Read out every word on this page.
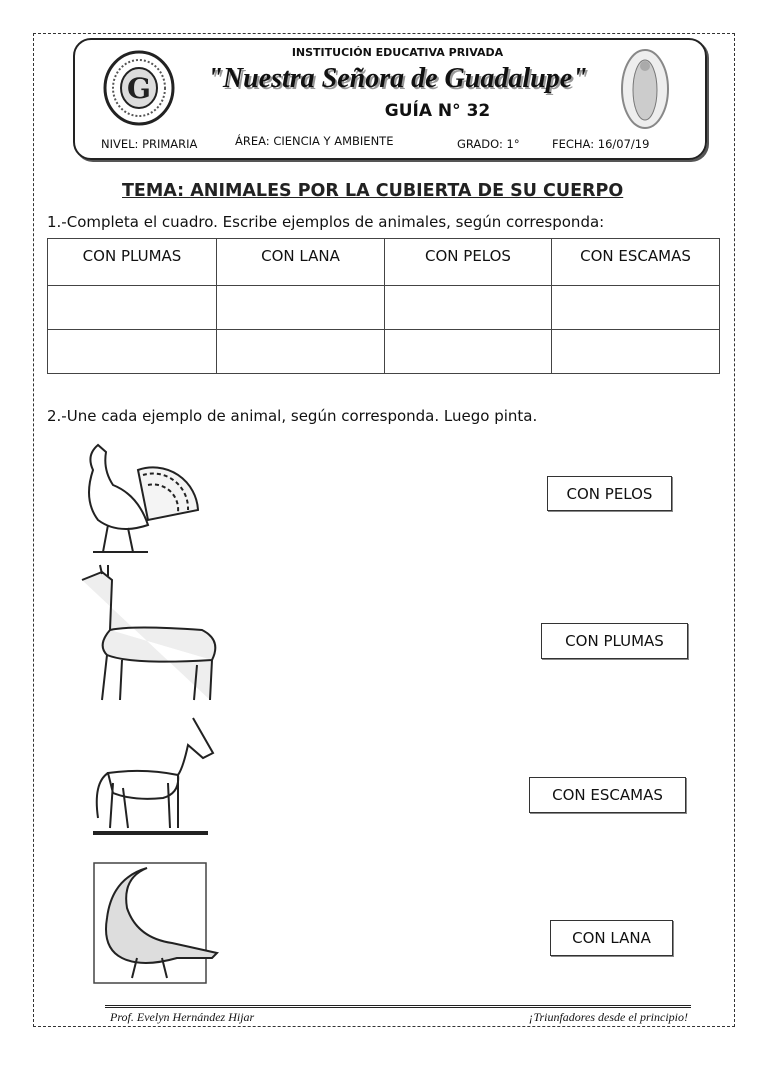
G
INSTITUCIÓN EDUCATIVA PRIVADA
"Nuestra Señora de Guadalupe"
GUÍA N° 32
NIVEL: PRIMARIA	ÁREA: CIENCIA Y AMBIENTE	GRADO: 1°	FECHA: 16/07/19
TEMA: ANIMALES POR LA CUBIERTA DE SU CUERPO
1.-Completa el cuadro. Escribe ejemplos de animales, según corresponda:
CON PLUMAS	CON LANA	CON PELOS	CON ESCAMAS

2.-Une cada ejemplo de animal, según corresponda. Luego pinta.
CON PELOS
CON PLUMAS
CON ESCAMAS
CON LANA
Prof. Evelyn Hernández Hijar	¡Triunfadores desde el principio!
